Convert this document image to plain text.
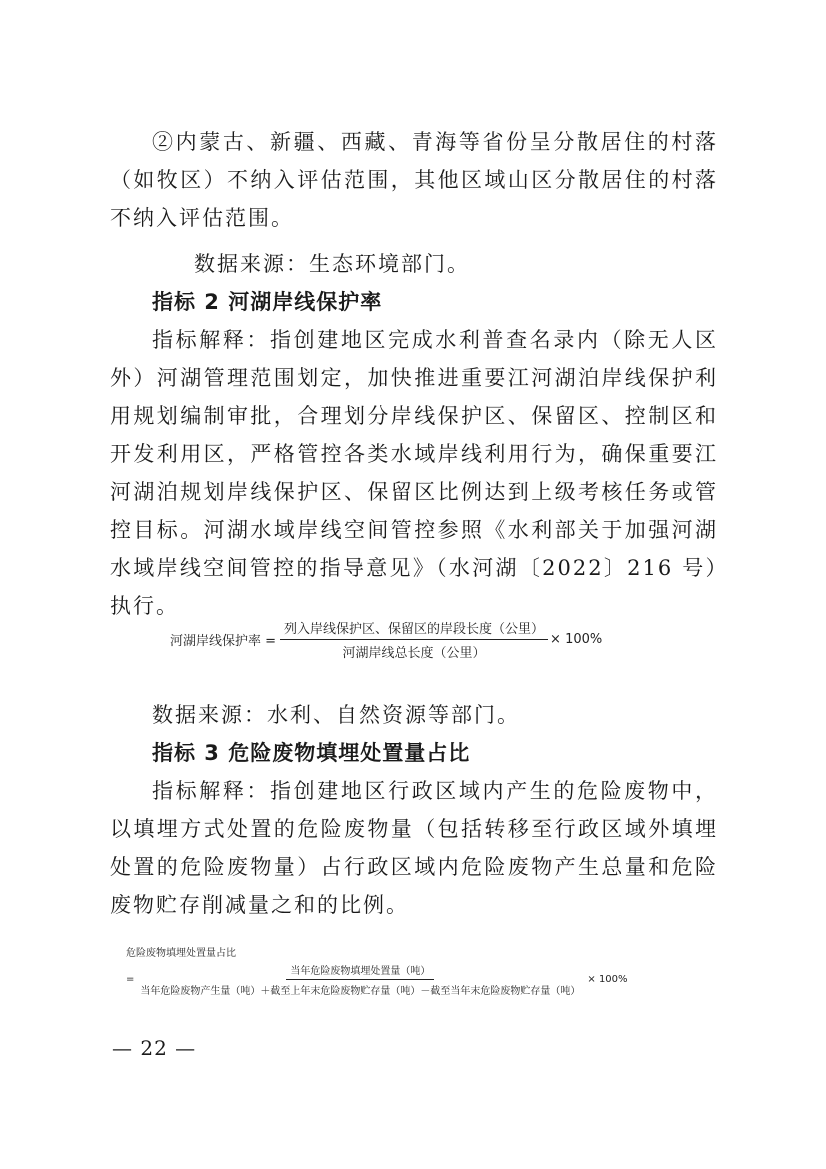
②内蒙古、新疆、西藏、青海等省份呈分散居住的村落（如牧区）不纳入评估范围，其他区域山区分散居住的村落不纳入评估范围。

数据来源：生态环境部门。
指标 2 河湖岸线保护率

指标解释：指创建地区完成水利普查名录内（除无人区外）河湖管理范围划定，加快推进重要江河湖泊岸线保护利用规划编制审批，合理划分岸线保护区、保留区、控制区和开发利用区，严格管控各类水域岸线利用行为，确保重要江河湖泊规划岸线保护区、保留区比例达到上级考核任务或管控目标。河湖水域岸线空间管控参照《水利部关于加强河湖水域岸线空间管控的指导意见》（水河湖〔2022〕216 号）执行。

河湖岸线保护率 = $\frac{\text{列入岸线保护区、保留区的岸段长度（公里）}}{\text{河湖岸线总长度（公里）}} \times 100\%$
数据来源：水利、自然资源等部门。
指标 3 危险废物填埋处置量占比

指标解释：指创建地区行政区域内产生的危险废物中，以填埋方式处置的危险废物量（包括转移至行政区域外填埋处置的危险废物量）占行政区域内危险废物产生总量和危险废物贮存削减量之和的比例。

危险废物填埋处置量占比
= $\frac{\text{当年危险废物填埋处置量（吨）}}{\text{当年危险废物产生量（吨）＋截至上年末危险废物贮存量（吨）－截至当年末危险废物贮存量（吨）}} \times 100\%$
— 22 —
